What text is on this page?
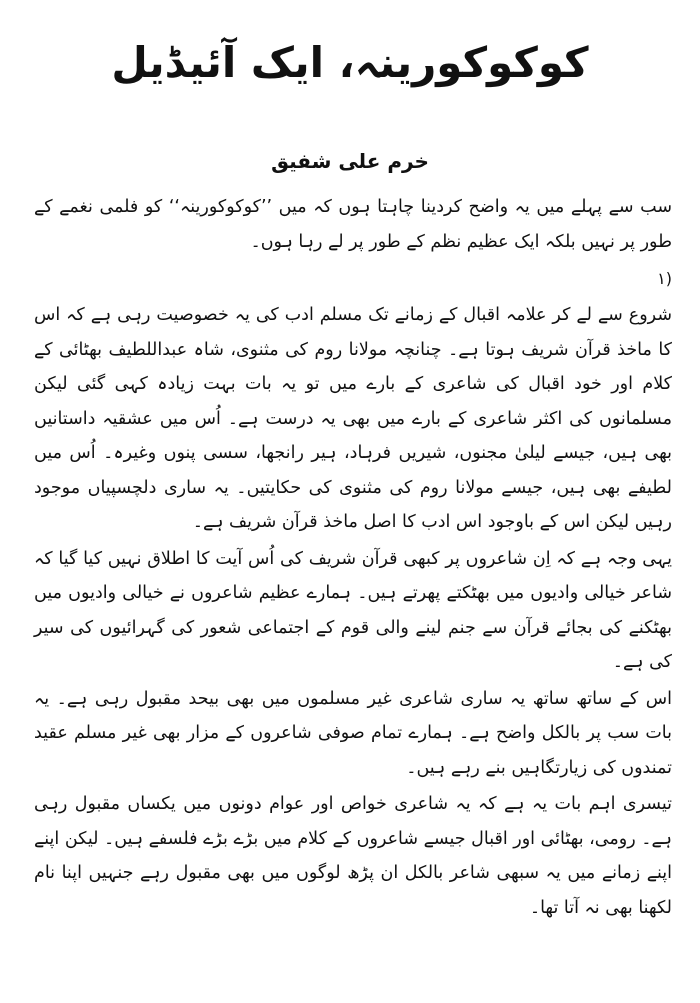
کوکوکورینہ، ایک آئیڈیل
خرم علی شفیق

سب سے پہلے میں یہ واضح کردینا چاہتا ہوں کہ میں ’’کوکوکورینہ‘‘ کو فلمی نغمے کے طور پر نہیں بلکہ ایک عظیم نظم کے طور پر لے رہا ہوں۔

(۱

شروع سے لے کر علامہ اقبال کے زمانے تک مسلم ادب کی یہ خصوصیت رہی ہے کہ اس کا ماخذ قرآن شریف ہوتا ہے۔ چنانچہ مولانا روم کی مثنوی، شاہ عبداللطیف بھٹائی کے کلام اور خود اقبال کی شاعری کے بارے میں تو یہ بات بہت زیادہ کہی گئی لیکن مسلمانوں کی اکثر شاعری کے بارے میں بھی یہ درست ہے۔ اُس میں عشقیہ داستانیں بھی ہیں، جیسے لیلیٰ مجنوں، شیریں فرہاد، ہیر رانجھا، سسی پنوں وغیرہ۔ اُس میں لطیفے بھی ہیں، جیسے مولانا روم کی مثنوی کی حکایتیں۔ یہ ساری دلچسپیاں موجود رہیں لیکن اس کے باوجود اس ادب کا اصل ماخذ قرآن شریف ہے۔

یہی وجہ ہے کہ اِن شاعروں پر کبھی قرآن شریف کی اُس آیت کا اطلاق نہیں کیا گیا کہ شاعر خیالی وادیوں میں بھٹکتے پھرتے ہیں۔ ہمارے عظیم شاعروں نے خیالی وادیوں میں بھٹکنے کی بجائے قرآن سے جنم لینے والی قوم کے اجتماعی شعور کی گہرائیوں کی سیر کی ہے۔

اس کے ساتھ ساتھ یہ ساری شاعری غیر مسلموں میں بھی بیحد مقبول رہی ہے۔ یہ بات سب پر بالکل واضح ہے۔ ہمارے تمام صوفی شاعروں کے مزار بھی غیر مسلم عقید تمندوں کی زیارتگاہیں بنے رہے ہیں۔

تیسری اہم بات یہ ہے کہ یہ شاعری خواص اور عوام دونوں میں یکساں مقبول رہی ہے۔ رومی، بھٹائی اور اقبال جیسے شاعروں کے کلام میں بڑے بڑے فلسفے ہیں۔ لیکن اپنے اپنے زمانے میں یہ سبھی شاعر بالکل ان پڑھ لوگوں میں بھی مقبول رہے جنہیں اپنا نام لکھنا بھی نہ آتا تھا۔
